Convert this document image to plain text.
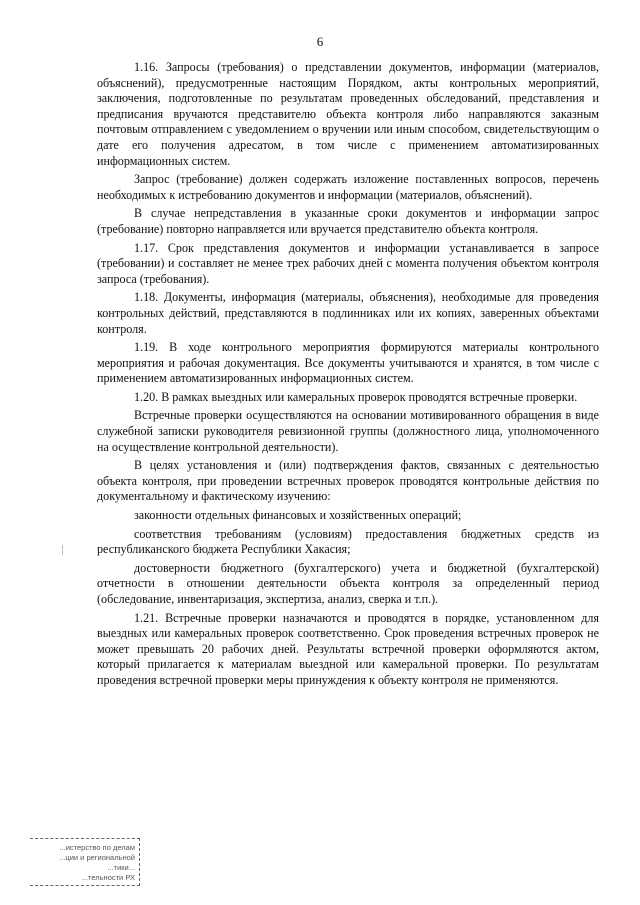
6

1.16. Запросы (требования) о представлении документов, информации (материалов, объяснений), предусмотренные настоящим Порядком, акты контрольных мероприятий, заключения, подготовленные по результатам проведенных обследований, представления и предписания вручаются представителю объекта контроля либо направляются заказным почтовым отправлением с уведомлением о вручении или иным способом, свидетельствующим о дате его получения адресатом, в том числе с применением автоматизированных информационных систем.

Запрос (требование) должен содержать изложение поставленных вопросов, перечень необходимых к истребованию документов и информации (материалов, объяснений).

В случае непредставления в указанные сроки документов и информации запрос (требование) повторно направляется или вручается представителю объекта контроля.

1.17. Срок представления документов и информации устанавливается в запросе (требовании) и составляет не менее трех рабочих дней с момента получения объектом контроля запроса (требования).

1.18. Документы, информация (материалы, объяснения), необходимые для проведения контрольных действий, представляются в подлинниках или их копиях, заверенных объектами контроля.

1.19. В ходе контрольного мероприятия формируются материалы контрольного мероприятия и рабочая документация. Все документы учитываются и хранятся, в том числе с применением автоматизированных информационных систем.

1.20. В рамках выездных или камеральных проверок проводятся встречные проверки.

Встречные проверки осуществляются на основании мотивированного обращения в виде служебной записки руководителя ревизионной группы (должностного лица, уполномоченного на осуществление контрольной деятельности).

В целях установления и (или) подтверждения фактов, связанных с деятельностью объекта контроля, при проведении встречных проверок проводятся контрольные действия по документальному и фактическому изучению:

законности отдельных финансовых и хозяйственных операций;

соответствия требованиям (условиям) предоставления бюджетных средств из республиканского бюджета Республики Хакасия;

достоверности бюджетного (бухгалтерского) учета и бюджетной (бухгалтерской) отчетности в отношении деятельности объекта контроля за определенный период (обследование, инвентаризация, экспертиза, анализ, сверка и т.п.).

1.21. Встречные проверки назначаются и проводятся в порядке, установленном для выездных или камеральных проверок соответственно. Срок проведения встречных проверок не может превышать 20 рабочих дней. Результаты встречной проверки оформляются актом, который прилагается к материалам выездной или камеральной проверки. По результатам проведения встречной проверки меры принуждения к объекту контроля не применяются.

...истерство по делам
...ции и региональной
...тики...
...тельности РХ
